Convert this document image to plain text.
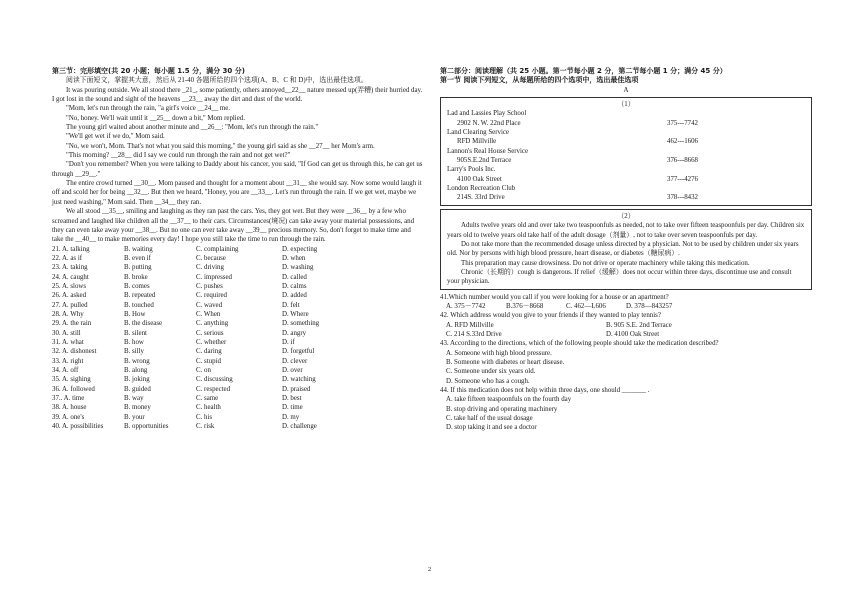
第三节：完形填空(共 20 小题；每小题 1.5 分，满分 30 分)

阅读下面短文，掌握其大意，然后从 21-40 各题所给的四个选项(A、B、C 和 D)中，选出最佳选项。

It was pouring outside. We all stood there _21_, some patiently, others annoyed__22__ nature messed up(弄糟) their hurried day. I got lost in the sound and sight of the heavens __23__ away the dirt and dust of the world.

"Mom, let's run through the rain, "a girl's voice __24__ me.

"No, honey. We'll wait until it __25__ down a bit," Mom replied.

The young girl waited about another minute and __26__: "Mom, let's run through the rain."

"We'll get wet if we do," Mom said.

"No, we won't, Mom. That's not what you said this morning," the young girl said as she __27__ her Mom's arm.

"This morning? __28__ did I say we could run through the rain and not get wet?"

"Don't you remember? When you were talking to Daddy about his cancer, you said, "If God can get us through this, he can get us through __29__."

The entire crowd turned __30__. Mom paused and thought for a moment about __31__ she would say. Now some would laugh it off and scold her for being __32__. But then we heard, "Honey, you are __33__. Let's run through the rain. If we get wet, maybe we just need washing," Mom said. Then __34__ they ran.

We all stood __35__, smiling and laughing as they ran past the cars. Yes, they got wet. But they were __36__ by a few who screamed and laughed like children all the __37__ to their cars. Circumstances(境况) can take away your material possessions, and they can even take away your __38__. But no one can ever take away __39__ precious memory. So, don't forget to make time and take the __40__ to make memories every day! I hope you still take the time to run through the rain.

21. A. talking	B. waiting	C. complaining	D. expecting
22. A. as if	B. even if	C. because	D. when
23. A. taking	B. putting	C. driving	D. washing
24. A. caught	B. broke	C. impressed	D. called
25. A. slows	B. comes	C. pushes	D. calms
26. A. asked	B. repeated	C. required	D. added
27. A. pulled	B. touched	C. waved	D. felt
28. A. Why	B. How	C. When	D. Where
29. A. the rain	B. the disease	C. anything	D. something
30. A. still	B. silent	C. serious	D. angry
31. A. what	B. how	C. whether	D. if
32. A. dishonest	B. silly	C. daring	D. forgetful
33. A. right	B. wrong	C. stupid	D. clever
34. A. off	B. along	C. on	D. over
35. A. sighing	B. joking	C. discussing	D. watching
36. A. followed	B. guided	C. respected	D. praised
37.. A. time	B. way	C. same	D. best
38. A. house	B. money	C. health	D. time
39. A. one's	B. your	C. his	D. my
40. A. possibilities	B. opportunities	C. risk	D. challenge
第二部分：阅读理解（共 25 小题。第一节每小题 2 分，第二节每小题 1 分；满分 45 分）
第一节 阅读下列短文，从每题所给的四个选项中，选出最佳选项
A
（1）
Lad and Lassies Play School
2902 N. W. 22nd Place	375---7742
Land Clearing Service
RFD Millville	462---1606
Lannon's Real House Service
905S.E.2nd Terrace	376---8668
Larry's Pools Inc.
4100 Oak Street	377---4276
London Recreation Club
214S. 33rd Drive	378---8432
（2）

Adults twelve years old and over take two teaspoonfuls as needed, not to take over fifteen teaspoonfuls per day. Children six years old to twelve years old take half of the adult dosage（剂量）, not to take over seven teaspoonfuls per day.

Do not take more than the recommended dosage unless directed by a physician. Not to be used by children under six years old. Nor by persons with high blood pressure, heart disease, or diabetes（糖尿病）.

This preparation may cause drowsiness. Do not drive or operate machinery while taking this medication.

Chronic（长期的）cough is dangerous. If relief（缓解）does not occur within three days, discontinue use and consult your physician.

41.Which number would you call if you were looking for a house or an apartment?
A. 375－7742	B.376－8668	C. 462—L606	D. 378—843257
42. Which address would you give to your friends if they wanted to play tennis?
A. RFD Millville	B. 905 S.E. 2nd Terrace
C. 214 S.33rd Drive	D. 4100 Oak Street
43. According to the directions, which of the following people should take the medication described?
A. Someone with high blood pressure.
B. Someone with diabetes or heart disease.
C. Someone under six years old.
D. Someone who has a cough.
44. If this medication does not help within three days, one should _______ .
A. take fifteen teaspoonfuls on the fourth day
B. stop driving and operating machinery
C. take half of the usual dosage
D. stop taking it and see a doctor
2
